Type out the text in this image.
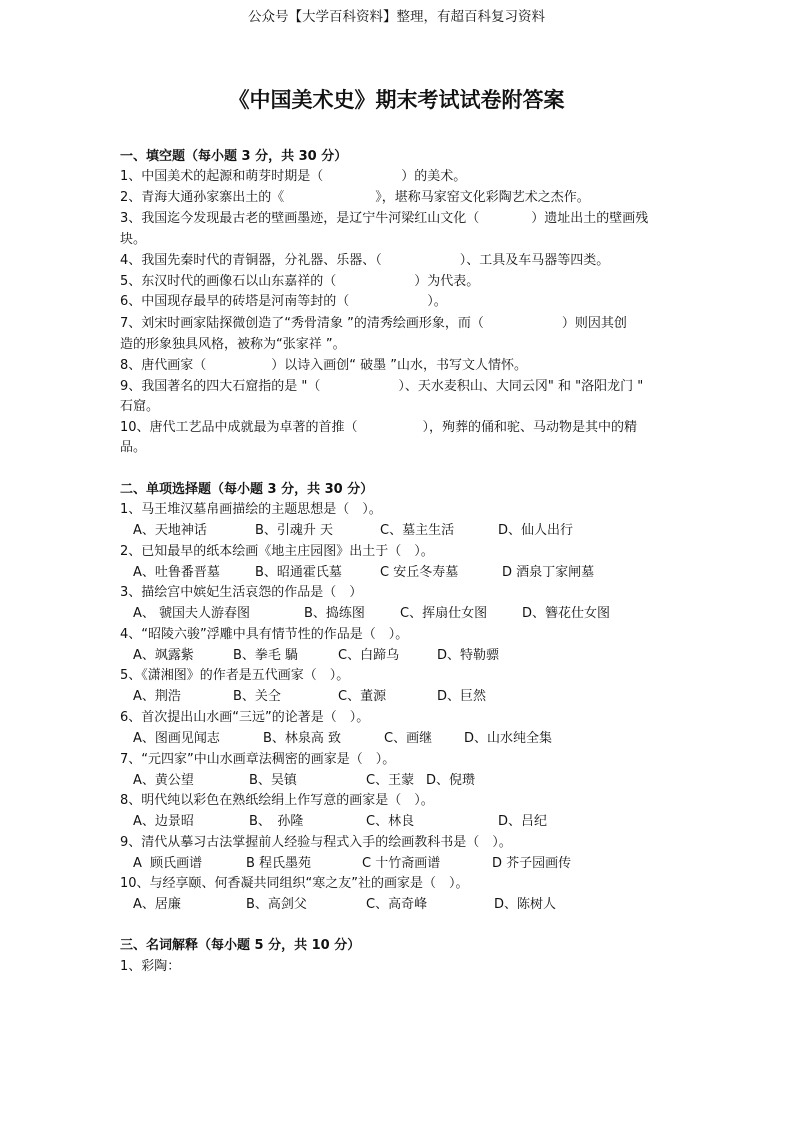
公众号【大学百科资料】整理，有超百科复习资料
《中国美术史》期末考试试卷附答案
一、填空题（每小题 3 分，共 30 分）
1、中国美术的起源和萌芽时期是（　　　　　　）的美术。
2、青海大通孙家寨出土的《　　　　　　　》，堪称马家窑文化彩陶艺术之杰作。
3、我国迄今发现最古老的壁画墨迹，是辽宁牛河梁红山文化（　　　　）遗址出土的壁画残
块。
4、我国先秦时代的青铜器，分礼器、乐器、（　　　　　　）、工具及车马器等四类。
5、东汉时代的画像石以山东嘉祥的（　　　　　　）为代表。
6、中国现存最早的砖塔是河南等封的（　　　　　　）。
7、刘宋时画家陆探微创造了“秀骨清象 ”的清秀绘画形象，而（　　　　　　）则因其创
造的形象独具风格，被称为“张家祥 ”。
8、唐代画家（　　　　　）以诗入画创“ 破墨 ”山水，书写文人情怀。
9、我国著名的四大石窟指的是 "（　　　　　　）、天水麦积山、大同云冈" 和 "洛阳龙门 "
石窟。
10、唐代工艺品中成就最为卓著的首推（　　　　　），殉葬的俑和驼、马动物是其中的精
品。
二、单项选择题（每小题 3 分，共 30 分）
1、马王堆汉墓帛画描绘的主题思想是（　）。
A、天地神话	B、引魂升 天	C、墓主生活	D、仙人出行
2、已知最早的纸本绘画《地主庄园图》出土于（　）。
A、吐鲁番晋墓	B、昭通霍氏墓	C 安丘冬寿墓	D 酒泉丁家闸墓
3、描绘宫中嫔妃生活哀怨的作品是（　）
A、 虢国夫人游春图	B、捣练图	C、挥扇仕女图	D、簪花仕女图
4、“昭陵六骏”浮雕中具有情节性的作品是（　）。
A、飒露紫	B、拳毛 騧	C、白蹄乌	D、特勒骠
5、《潇湘图》的作者是五代画家（　）。
A、荆浩	B、关仝	C、董源	D、巨然
6、首次提出山水画“三远”的论著是（　）。
A、图画见闻志	B、林泉高 致	C、画继 D、山水纯全集
7、“元四家”中山水画章法稠密的画家是（　）。
A、黄公望	B、吴镇	C、王蒙 D、倪瓒
8、明代纯以彩色在熟纸绘绢上作写意的画家是（　）。
A、边景昭	B、　孙隆	C、林良	D、吕纪
9、清代从摹习古法掌握前人经验与程式入手的绘画教科书是（　）。
A  顾氏画谱	B 程氏墨苑	C 十竹斋画谱	D 芥子园画传
10、与经享颐、何香凝共同组织“寒之友”社的画家是（　）。
A、居廉	B、高剑父	C、高奇峰	D、陈树人
三、名词解释（每小题 5 分，共 10 分）
1、彩陶：
